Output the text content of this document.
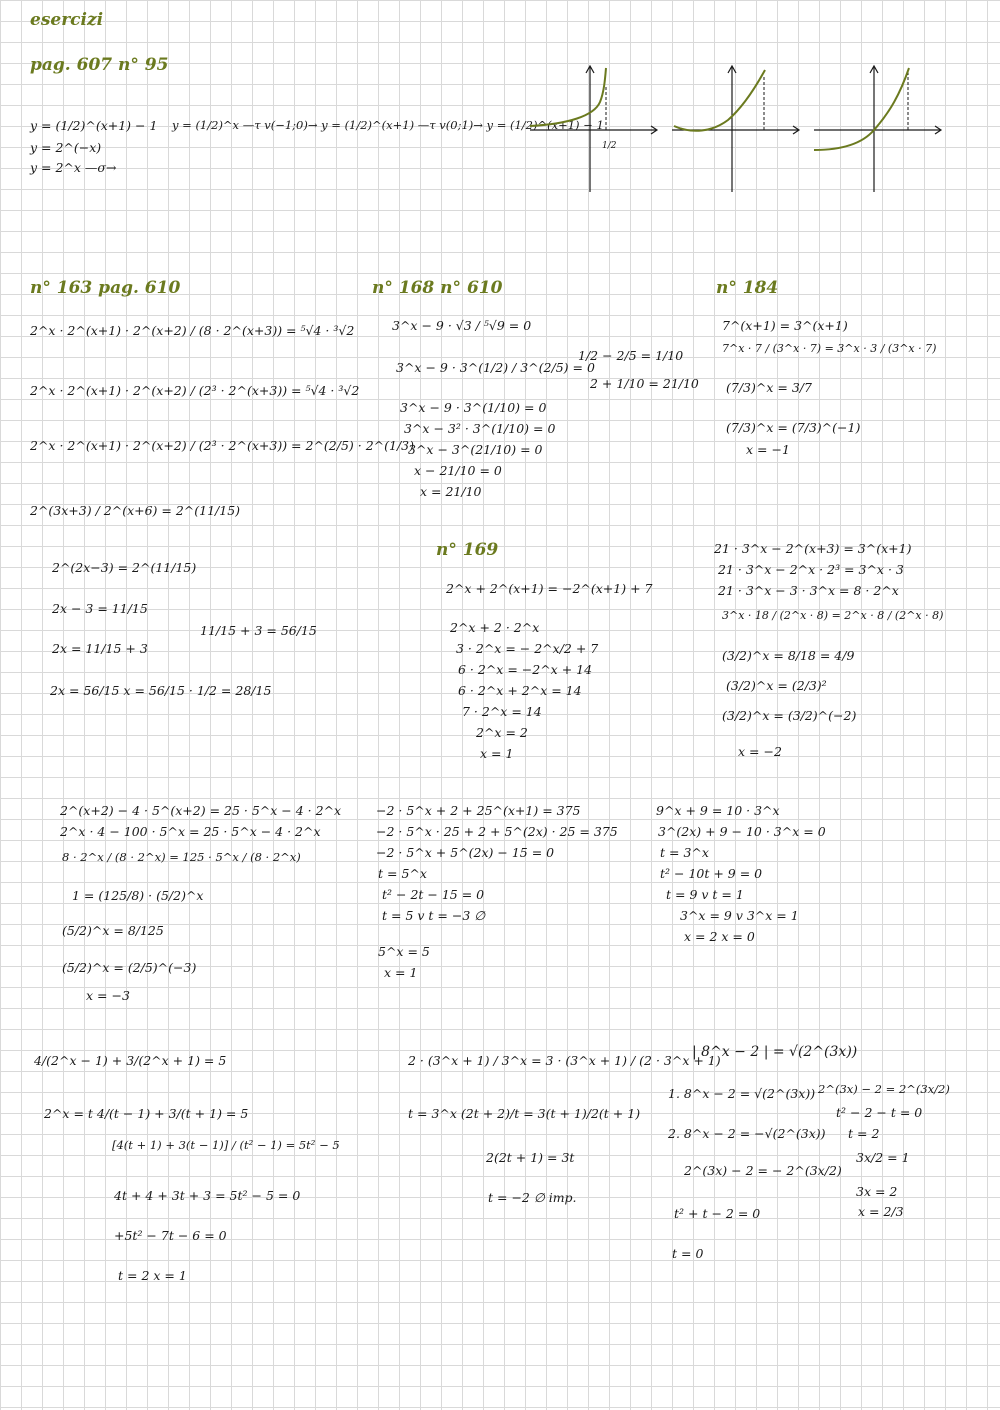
esercizi
pag. 607 n° 95
y = (1/2)^(x+1) − 1
y = 2^(−x)
y = 2^x —σ→
y = (1/2)^x —τ v(−1;0)→ y = (1/2)^(x+1) —τ v(0;1)→ y = (1/2)^(x+1) − 1
1/2
n° 163 pag. 610
2^x · 2^(x+1) · 2^(x+2) / (8 · 2^(x+3)) = ⁵√4 · ³√2
2^x · 2^(x+1) · 2^(x+2) / (2³ · 2^(x+3)) = ⁵√4 · ³√2
2^x · 2^(x+1) · 2^(x+2) / (2³ · 2^(x+3)) = 2^(2/5) · 2^(1/3)
2^(3x+3) / 2^(x+6) = 2^(11/15)
2^(2x−3) = 2^(11/15)
2x − 3 = 11/15
2x = 11/15 + 3
2x = 56/15 x = 56/15 · 1/2 = 28/15
11/15 + 3 = 56/15
n° 168 n° 610
3^x − 9 · √3 / ⁵√9 = 0
3^x − 9 · 3^(1/2) / 3^(2/5) = 0
3^x − 9 · 3^(1/10) = 0
3^x − 3² · 3^(1/10) = 0
3^x − 3^(21/10) = 0
x − 21/10 = 0
x = 21/10
1/2 − 2/5 = 1/10
2 + 1/10 = 21/10
n° 184
7^(x+1) = 3^(x+1)
7^x · 7 / (3^x · 7) = 3^x · 3 / (3^x · 7)
(7/3)^x = 3/7
(7/3)^x = (7/3)^(−1)
x = −1
n° 169
2^x + 2^(x+1) = −2^(x+1) + 7
2^x + 2 · 2^x
3 · 2^x = − 2^x/2 + 7
6 · 2^x = −2^x + 14
6 · 2^x + 2^x = 14
7 · 2^x = 14
2^x = 2
x = 1
21 · 3^x − 2^(x+3) = 3^(x+1)
21 · 3^x − 2^x · 2³ = 3^x · 3
21 · 3^x − 3 · 3^x = 8 · 2^x
3^x · 18 / (2^x · 8) = 2^x · 8 / (2^x · 8)
(3/2)^x = 8/18 = 4/9
(3/2)^x = (2/3)²
(3/2)^x = (3/2)^(−2)
x = −2
2^(x+2) − 4 · 5^(x+2) = 25 · 5^x − 4 · 2^x
2^x · 4 − 100 · 5^x = 25 · 5^x − 4 · 2^x
8 · 2^x / (8 · 2^x) = 125 · 5^x / (8 · 2^x)
1 = (125/8) · (5/2)^x
(5/2)^x = 8/125
(5/2)^x = (2/5)^(−3)
x = −3
−2 · 5^x + 2 + 25^(x+1) = 375
−2 · 5^x · 25 + 2 + 5^(2x) · 25 = 375
−2 · 5^x + 5^(2x) − 15 = 0
t = 5^x
t² − 2t − 15 = 0
t = 5 v t = −3 ∅
5^x = 5
x = 1
9^x + 9 = 10 · 3^x
3^(2x) + 9 − 10 · 3^x = 0
t = 3^x
t² − 10t + 9 = 0
t = 9 v t = 1
3^x = 9 v 3^x = 1
x = 2 x = 0
4/(2^x − 1) + 3/(2^x + 1) = 5
2^x = t 4/(t − 1) + 3/(t + 1) = 5
[4(t + 1) + 3(t − 1)] / (t² − 1) = 5t² − 5
4t + 4 + 3t + 3 = 5t² − 5 = 0
+5t² − 7t − 6 = 0
t = 2 x = 1
2 · (3^x + 1) / 3^x = 3 · (3^x + 1) / (2 · 3^x + 1)
t = 3^x (2t + 2)/t = 3(t + 1)/2(t + 1)
2(2t + 1) = 3t
t = −2 ∅ imp.
| 8^x − 2 | = √(2^(3x))
1. 8^x − 2 = √(2^(3x))
2. 8^x − 2 = −√(2^(3x))
2^(3x) − 2 = − 2^(3x/2)
t² + t − 2 = 0
t = 0
2^(3x) − 2 = 2^(3x/2)
t² − 2 − t = 0
t = 2
3x/2 = 1
3x = 2
x = 2/3
